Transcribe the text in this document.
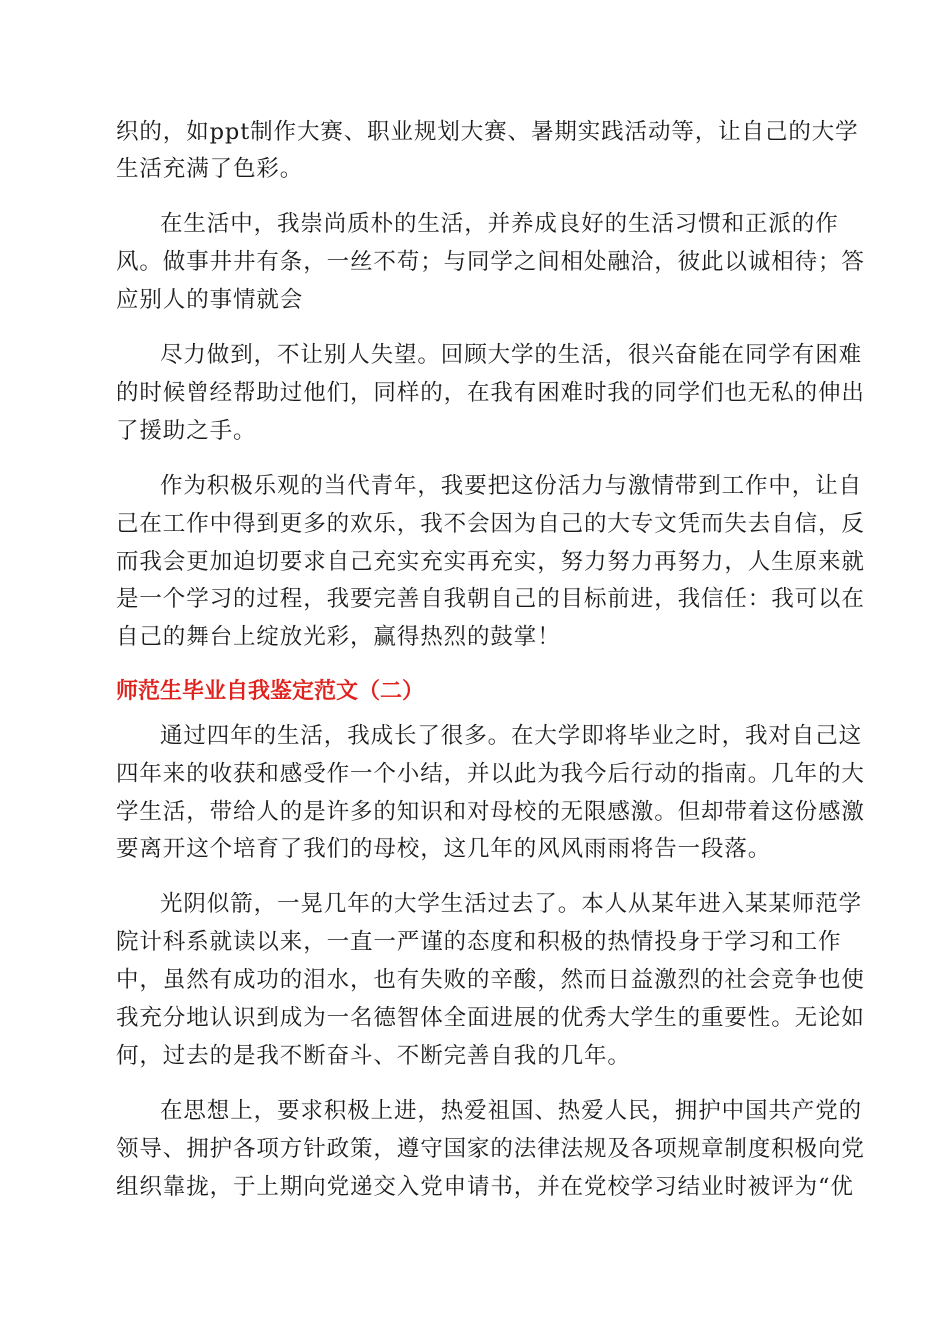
织的，如ppt制作大赛、职业规划大赛、暑期实践活动等，让自己的大学
生活充满了色彩。
在生活中，我崇尚质朴的生活，并养成良好的生活习惯和正派的作
风。做事井井有条，一丝不苟；与同学之间相处融洽，彼此以诚相待；答
应别人的事情就会
尽力做到，不让别人失望。回顾大学的生活，很兴奋能在同学有困难
的时候曾经帮助过他们，同样的，在我有困难时我的同学们也无私的伸出
了援助之手。
作为积极乐观的当代青年，我要把这份活力与激情带到工作中，让自
己在工作中得到更多的欢乐，我不会因为自己的大专文凭而失去自信，反
而我会更加迫切要求自己充实充实再充实，努力努力再努力，人生原来就
是一个学习的过程，我要完善自我朝自己的目标前进，我信任：我可以在
自己的舞台上绽放光彩，赢得热烈的鼓掌！
师范生毕业自我鉴定范文（二）
通过四年的生活，我成长了很多。在大学即将毕业之时，我对自己这
四年来的收获和感受作一个小结，并以此为我今后行动的指南。几年的大
学生活，带给人的是许多的知识和对母校的无限感激。但却带着这份感激
要离开这个培育了我们的母校，这几年的风风雨雨将告一段落。
光阴似箭，一晃几年的大学生活过去了。本人从某年进入某某师范学
院计科系就读以来，一直一严谨的态度和积极的热情投身于学习和工作
中，虽然有成功的泪水，也有失败的辛酸，然而日益激烈的社会竞争也使
我充分地认识到成为一名德智体全面进展的优秀大学生的重要性。无论如
何，过去的是我不断奋斗、不断完善自我的几年。
在思想上，要求积极上进，热爱祖国、热爱人民，拥护中国共产党的
领导、拥护各项方针政策，遵守国家的法律法规及各项规章制度积极向党
组织靠拢，于上期向党递交入党申请书，并在党校学习结业时被评为“优
